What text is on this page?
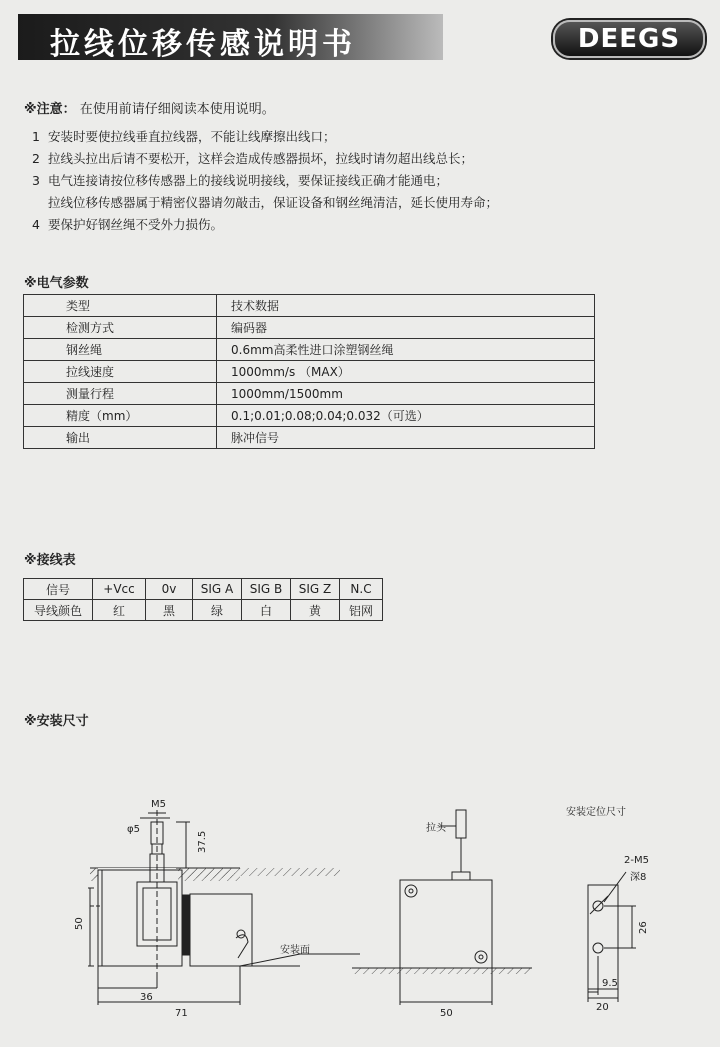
拉线位移传感说明书	DEEGS
※注意： 在使用前请仔细阅读本使用说明。
1 安装时要使拉线垂直拉线器，不能让线摩擦出线口；
2 拉线头拉出后请不要松开，这样会造成传感器损坏，拉线时请勿超出线总长；
3 电气连接请按位移传感器上的接线说明接线，要保证接线正确才能通电；
拉线位移传感器属于精密仪器请勿敲击，保证设备和钢丝绳清洁，延长使用寿命；
4 要保护好钢丝绳不受外力损伤。
※电气参数
类型	技术数据
检测方式	编码器
钢丝绳	0.6mm高柔性进口涂塑钢丝绳
拉线速度	1000mm/s （MAX）
测量行程	1000mm/1500mm
精度（mm）	0.1;0.01;0.08;0.04;0.032（可选）
输出	脉冲信号
※接线表
信号	+Vcc	0v	SIG A	SIG B	SIG Z	N.C
导线颜色	红	黑	绿	白	黄	铝网
※安装尺寸
M5
φ5
37.5
50
36
71
安装面
拉头
50
安装定位尺寸
2-M5
深8
26
9.5
20
